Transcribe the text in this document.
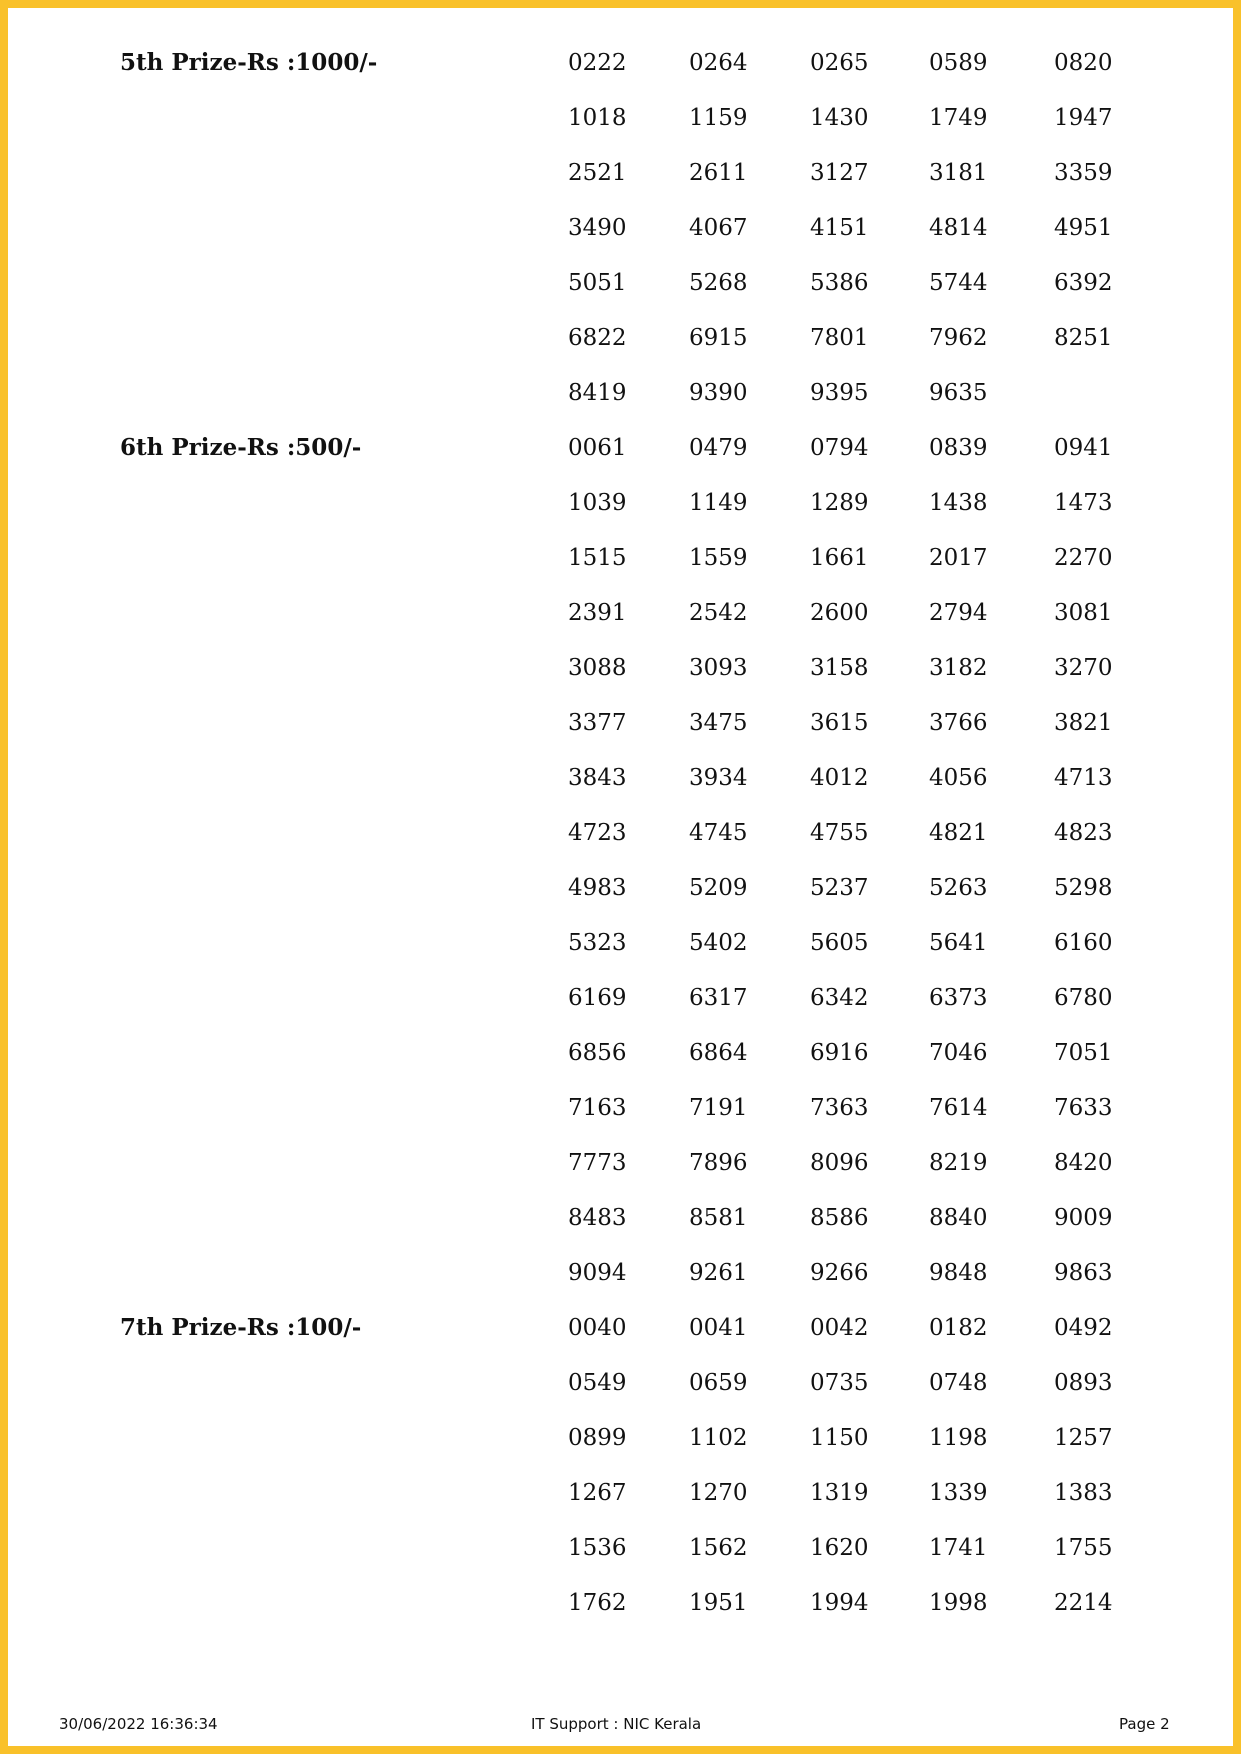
5th Prize-Rs :1000/-	0222	0264	0265	0589	0820
1018	1159	1430	1749	1947
2521	2611	3127	3181	3359
3490	4067	4151	4814	4951
5051	5268	5386	5744	6392
6822	6915	7801	7962	8251
8419	9390	9395	9635
6th Prize-Rs :500/-	0061	0479	0794	0839	0941
1039	1149	1289	1438	1473
1515	1559	1661	2017	2270
2391	2542	2600	2794	3081
3088	3093	3158	3182	3270
3377	3475	3615	3766	3821
3843	3934	4012	4056	4713
4723	4745	4755	4821	4823
4983	5209	5237	5263	5298
5323	5402	5605	5641	6160
6169	6317	6342	6373	6780
6856	6864	6916	7046	7051
7163	7191	7363	7614	7633
7773	7896	8096	8219	8420
8483	8581	8586	8840	9009
9094	9261	9266	9848	9863
7th Prize-Rs :100/-	0040	0041	0042	0182	0492
0549	0659	0735	0748	0893
0899	1102	1150	1198	1257
1267	1270	1319	1339	1383
1536	1562	1620	1741	1755
1762	1951	1994	1998	2214
30/06/2022 16:36:34	IT Support : NIC Kerala	Page 2
